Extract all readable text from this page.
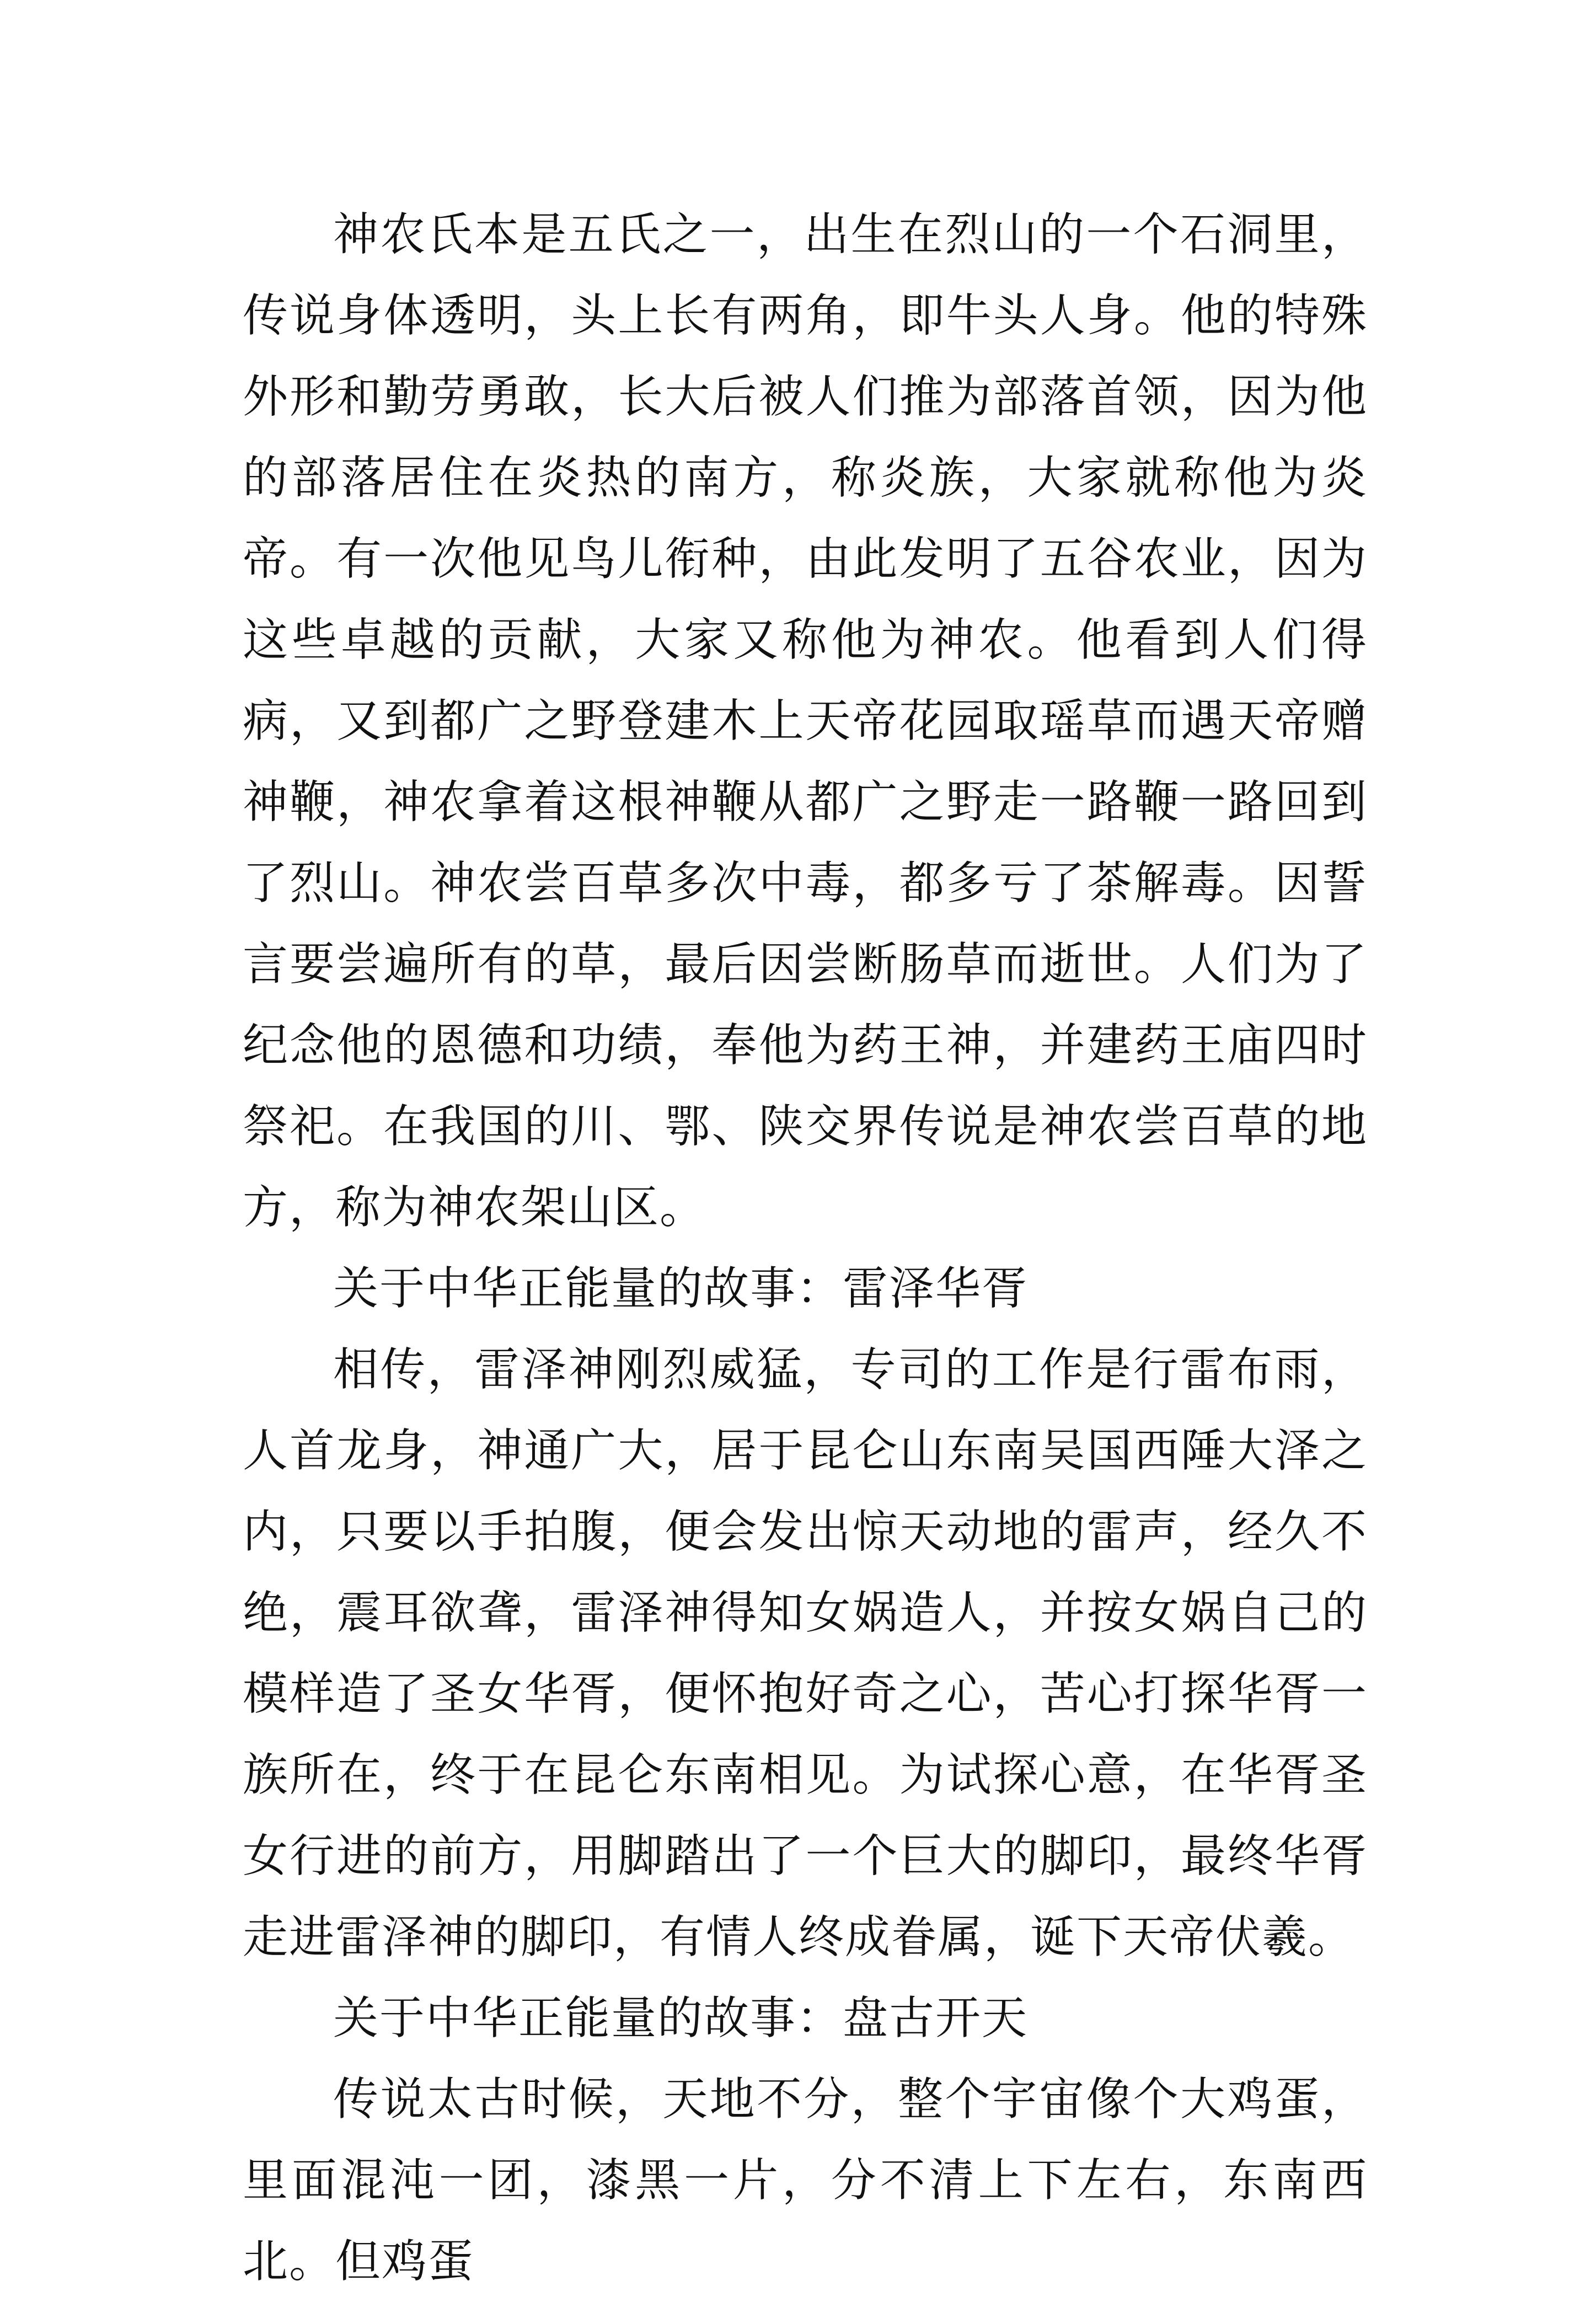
神农氏本是五氏之一，出生在烈山的一个石洞里，传说身体透明，头上长有两角，即牛头人身。他的特殊外形和勤劳勇敢，长大后被人们推为部落首领，因为他的部落居住在炎热的南方，称炎族，大家就称他为炎帝。有一次他见鸟儿衔种，由此发明了五谷农业，因为这些卓越的贡献，大家又称他为神农。他看到人们得病，又到都广之野登建木上天帝花园取瑶草而遇天帝赠神鞭，神农拿着这根神鞭从都广之野走一路鞭一路回到了烈山。神农尝百草多次中毒，都多亏了茶解毒。因誓言要尝遍所有的草，最后因尝断肠草而逝世。人们为了纪念他的恩德和功绩，奉他为药王神，并建药王庙四时祭祀。在我国的川、鄂、陕交界传说是神农尝百草的地方，称为神农架山区。

关于中华正能量的故事：雷泽华胥

相传，雷泽神刚烈威猛，专司的工作是行雷布雨，人首龙身，神通广大，居于昆仑山东南吴国西陲大泽之内，只要以手拍腹，便会发出惊天动地的雷声，经久不绝，震耳欲聋，雷泽神得知女娲造人，并按女娲自己的模样造了圣女华胥，便怀抱好奇之心，苦心打探华胥一族所在，终于在昆仑东南相见。为试探心意，在华胥圣女行进的前方，用脚踏出了一个巨大的脚印，最终华胥走进雷泽神的脚印，有情人终成眷属，诞下天帝伏羲。

关于中华正能量的故事：盘古开天

传说太古时候，天地不分，整个宇宙像个大鸡蛋，里面混沌一团，漆黑一片，分不清上下左右，东南西北。但鸡蛋
